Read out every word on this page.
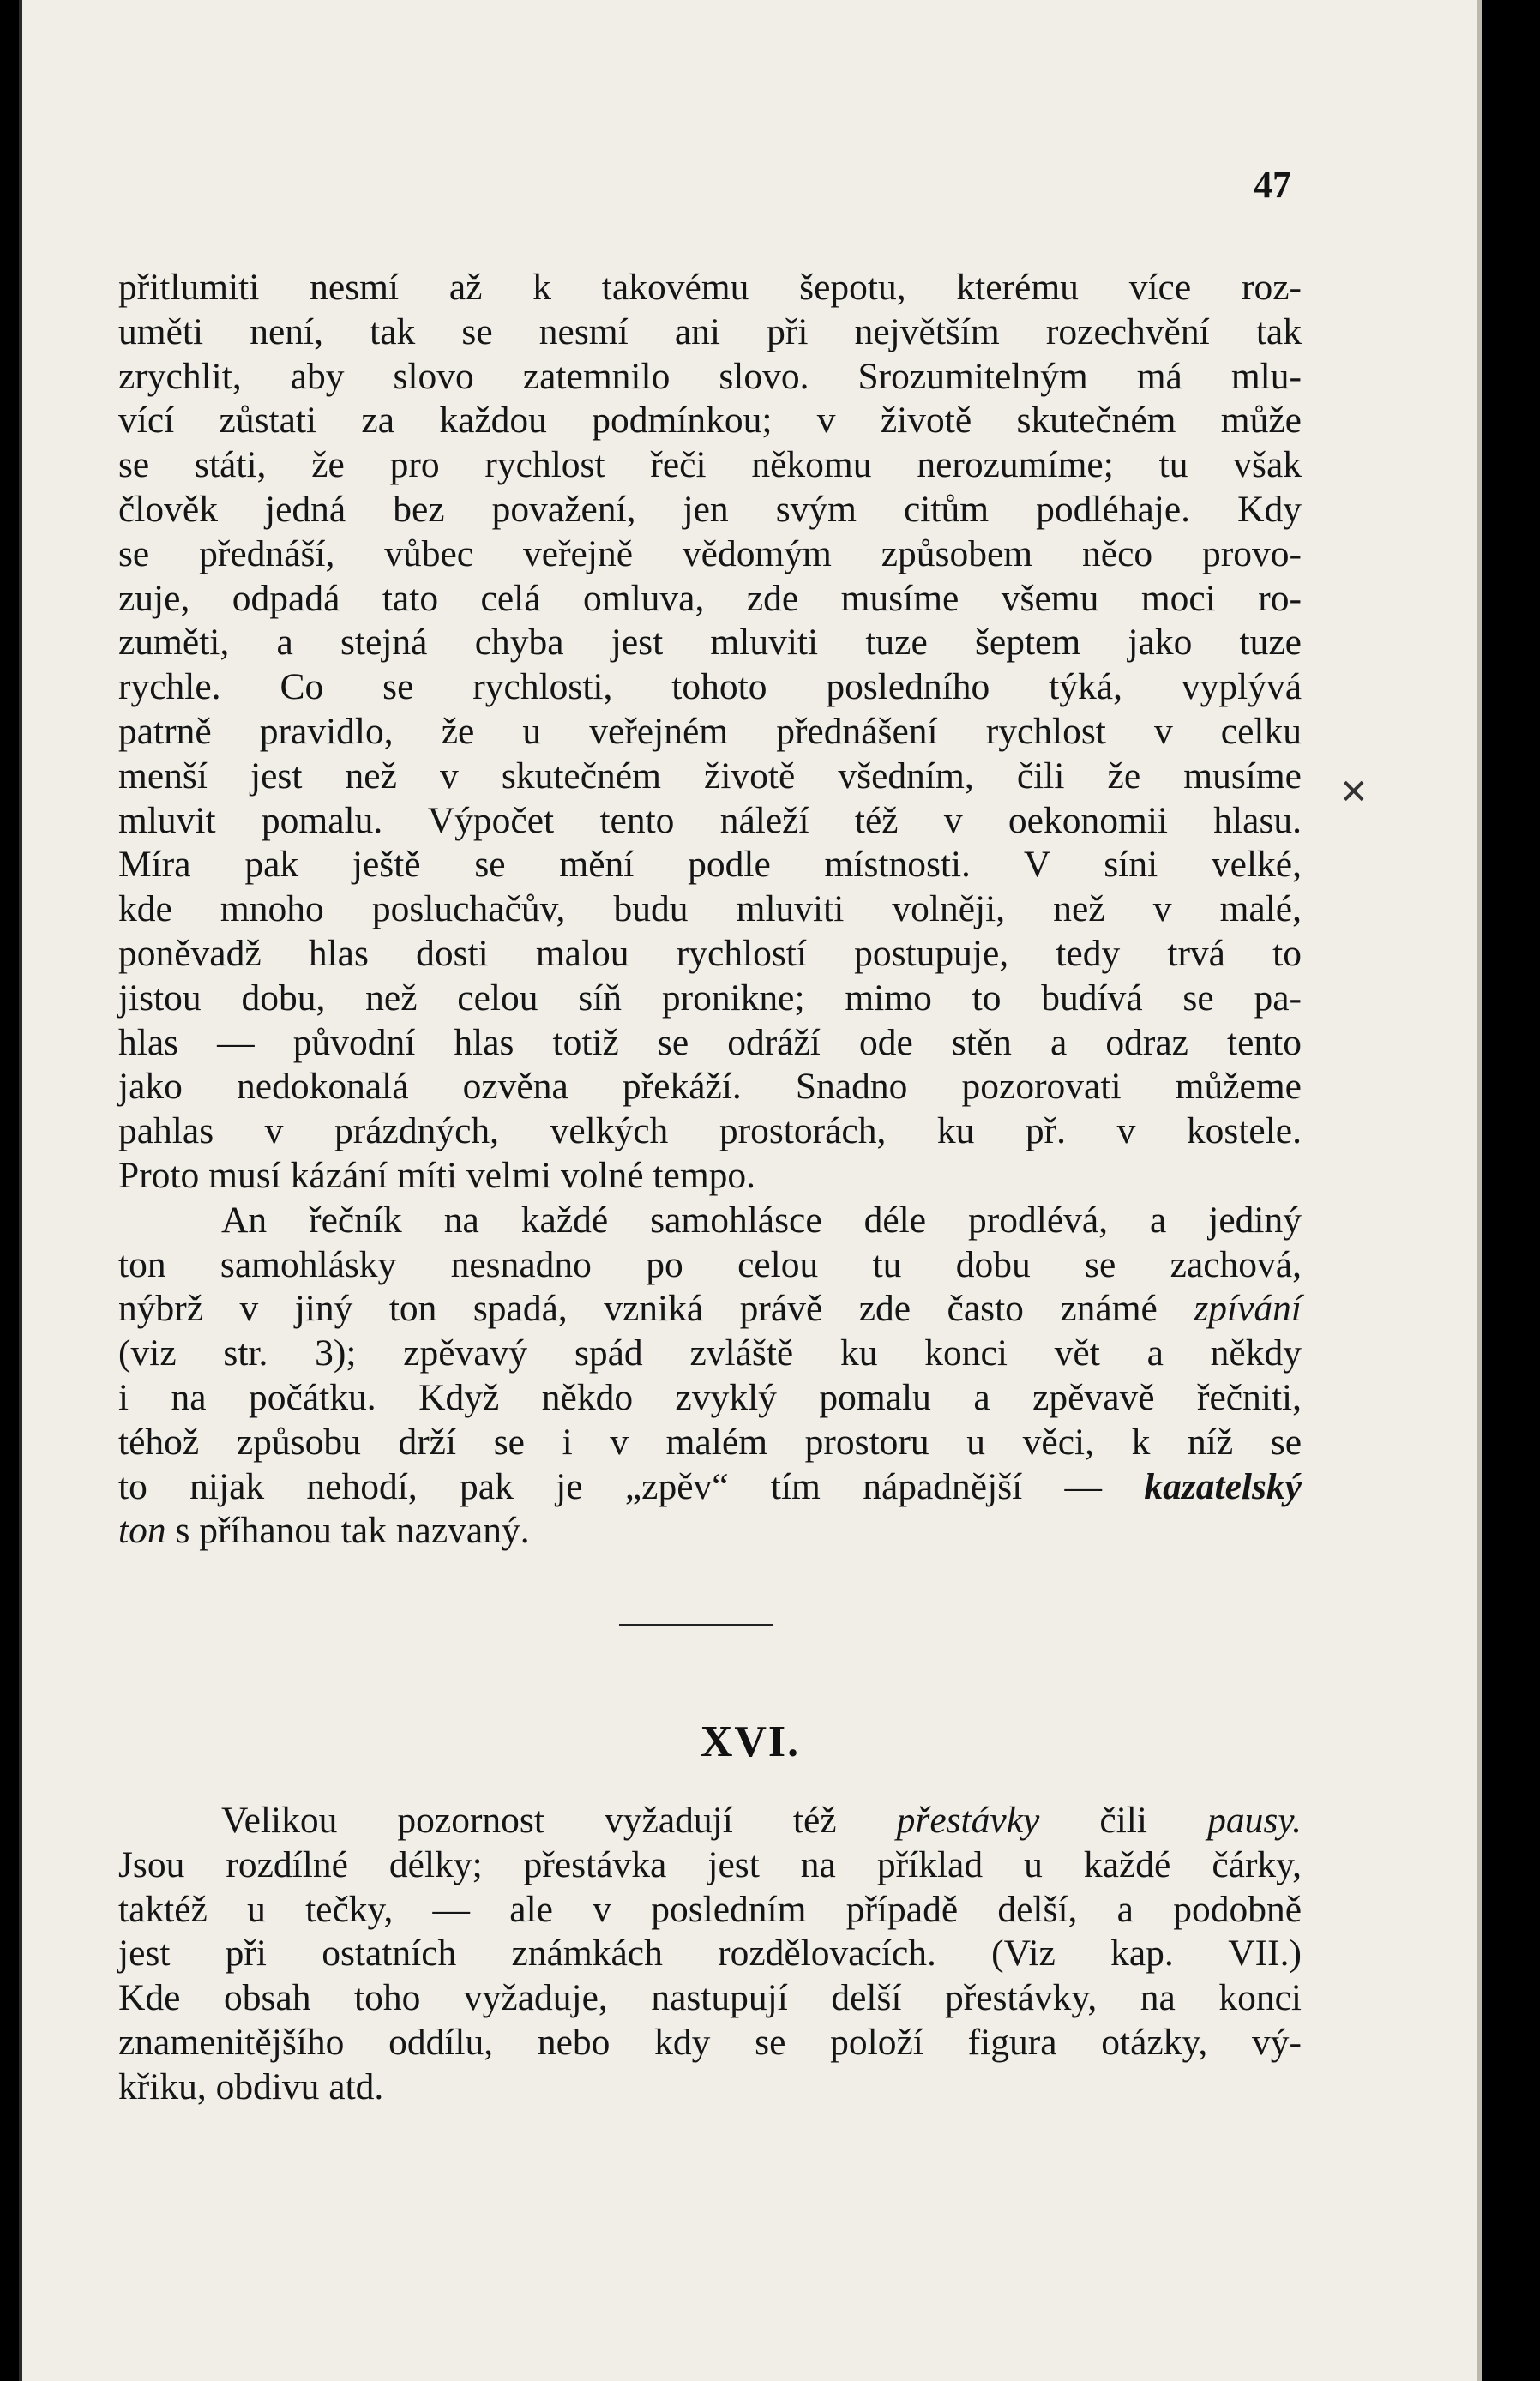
47
přitlumiti nesmí až k takovému šepotu, kterému více roz-
uměti není, tak se nesmí ani při největším rozechvění tak
zrychlit, aby slovo zatemnilo slovo. Srozumitelným má mlu-
vící zůstati za každou podmínkou; v životě skutečném může
se státi, že pro rychlost řeči někomu nerozumíme; tu však
člověk jedná bez považení, jen svým citům podléhaje. Kdy
se přednáší, vůbec veřejně vědomým způsobem něco provo-
zuje, odpadá tato celá omluva, zde musíme všemu moci ro-
zuměti, a stejná chyba jest mluviti tuze šeptem jako tuze
rychle. Co se rychlosti, tohoto posledního týká, vyplývá
patrně pravidlo, že u veřejném přednášení rychlost v celku
menší jest než v skutečném životě všedním, čili že musíme
mluvit pomalu. Výpočet tento náleží též v oekonomii hlasu.
Míra pak ještě se mění podle místnosti. V síni velké,
kde mnoho posluchačův, budu mluviti volněji, než v malé,
poněvadž hlas dosti malou rychlostí postupuje, tedy trvá to
jistou dobu, než celou síň pronikne; mimo to budívá se pa-
hlas — původní hlas totiž se odráží ode stěn a odraz tento
jako nedokonalá ozvěna překáží. Snadno pozorovati můžeme
pahlas v prázdných, velkých prostorách, ku př. v kostele.
Proto musí kázání míti velmi volné tempo.
An řečník na každé samohlásce déle prodlévá, a jediný
ton samohlásky nesnadno po celou tu dobu se zachová,
nýbrž v jiný ton spadá, vzniká právě zde často známé zpívání
(viz str. 3); zpěvavý spád zvláště ku konci vět a někdy
i na počátku. Když někdo zvyklý pomalu a zpěvavě řečniti,
téhož způsobu drží se i v malém prostoru u věci, k níž se
to nijak nehodí, pak je „zpěv“ tím nápadnější — kazatelský
ton s příhanou tak nazvaný.
XVI.
Velikou pozornost vyžadují též přestávky čili pausy.
Jsou rozdílné délky; přestávka jest na příklad u každé čárky,
taktéž u tečky, — ale v posledním případě delší, a podobně
jest při ostatních známkách rozdělovacích. (Viz kap. VII.)
Kde obsah toho vyžaduje, nastupují delší přestávky, na konci
znamenitějšího oddílu, nebo kdy se položí figura otázky, vý-
křiku, obdivu atd.
✕
